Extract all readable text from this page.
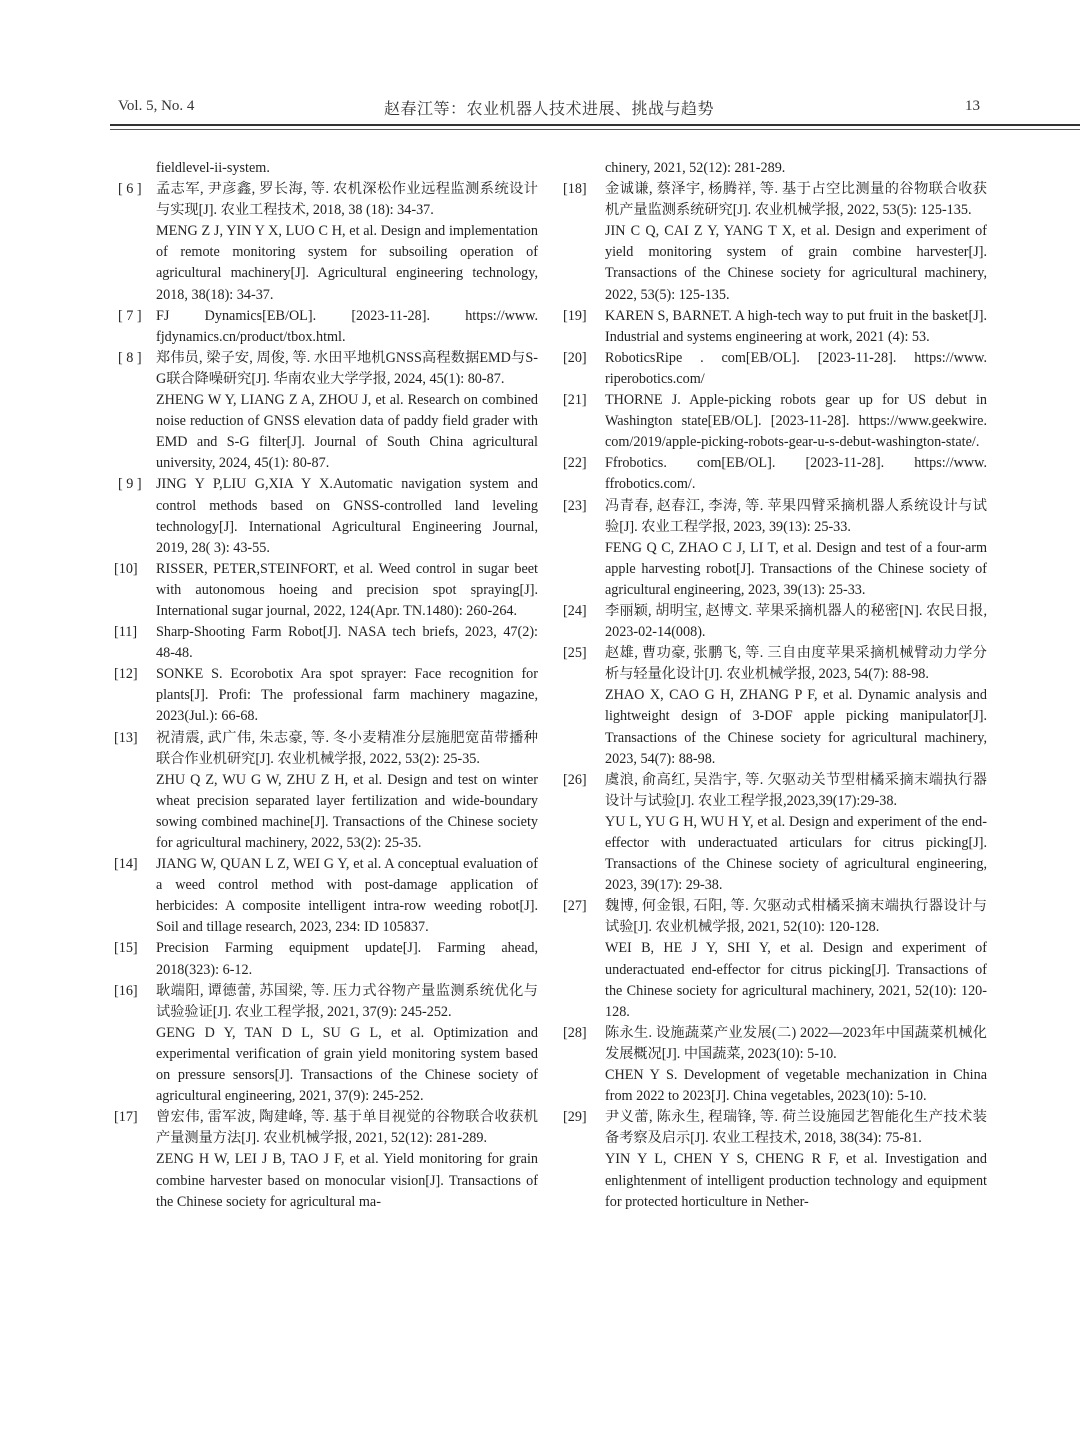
Vol. 5, No. 4	赵春江等：农业机器人技术进展、挑战与趋势	13
fieldlevel-ii-system.
[ 6 ] 孟志军, 尹彦鑫, 罗长海, 等. 农机深松作业远程监测系统设计与实现[J]. 农业工程技术, 2018, 38 (18): 34-37.
MENG Z J, YIN Y X, LUO C H, et al. Design and implementation of remote monitoring system for subsoiling operation of agricultural machinery[J]. Agricultural engineering technology, 2018, 38(18): 34-37.
[ 7 ] FJ Dynamics[EB/OL]. [2023-11-28]. https://www. fjdynamics.cn/product/tbox.html.
[ 8 ] 郑伟员, 梁子安, 周俊, 等. 水田平地机GNSS高程数据EMD与S-G联合降噪研究[J]. 华南农业大学学报, 2024, 45(1): 80-87.
ZHENG W Y, LIANG Z A, ZHOU J, et al. Research on combined noise reduction of GNSS elevation data of paddy field grader with EMD and S-G filter[J]. Journal of South China agricultural university, 2024, 45(1): 80-87.
[ 9 ] JING Y P,LIU G,XIA Y X.Automatic navigation system and control methods based on GNSS-controlled land leveling technology[J]. International Agricultural Engineering Journal, 2019, 28( 3): 43-55.
[10] RISSER, PETER,STEINFORT, et al. Weed control in sugar beet with autonomous hoeing and precision spot spraying[J]. International sugar journal, 2022, 124(Apr. TN.1480): 260-264.
[11] Sharp-Shooting Farm Robot[J]. NASA tech briefs, 2023, 47(2): 48-48.
[12] SONKE S. Ecorobotix Ara spot sprayer: Face recognition for plants[J]. Profi: The professional farm machinery magazine, 2023(Jul.): 66-68.
[13] 祝清震, 武广伟, 朱志豪, 等. 冬小麦精准分层施肥宽苗带播种联合作业机研究[J]. 农业机械学报, 2022, 53(2): 25-35.
ZHU Q Z, WU G W, ZHU Z H, et al. Design and test on winter wheat precision separated layer fertilization and wide-boundary sowing combined machine[J]. Transactions of the Chinese society for agricultural machinery, 2022, 53(2): 25-35.
[14] JIANG W, QUAN L Z, WEI G Y, et al. A conceptual evaluation of a weed control method with post-damage application of herbicides: A composite intelligent intra-row weeding robot[J]. Soil and tillage research, 2023, 234: ID 105837.
[15] Precision Farming equipment update[J]. Farming ahead, 2018(323): 6-12.
[16] 耿端阳, 谭德蕾, 苏国梁, 等. 压力式谷物产量监测系统优化与试验验证[J]. 农业工程学报, 2021, 37(9): 245-252.
GENG D Y, TAN D L, SU G L, et al. Optimization and experimental verification of grain yield monitoring system based on pressure sensors[J]. Transactions of the Chinese society of agricultural engineering, 2021, 37(9): 245-252.
[17] 曾宏伟, 雷军波, 陶建峰, 等. 基于单目视觉的谷物联合收获机产量测量方法[J]. 农业机械学报, 2021, 52(12): 281-289.
ZENG H W, LEI J B, TAO J F, et al. Yield monitoring for grain combine harvester based on monocular vision[J]. Transactions of the Chinese society for agricultural ma-
chinery, 2021, 52(12): 281-289.
[18] 金诚谦, 蔡泽宇, 杨腾祥, 等. 基于占空比测量的谷物联合收获机产量监测系统研究[J]. 农业机械学报, 2022, 53(5): 125-135.
JIN C Q, CAI Z Y, YANG T X, et al. Design and experiment of yield monitoring system of grain combine harvester[J]. Transactions of the Chinese society for agricultural machinery, 2022, 53(5): 125-135.
[19] KAREN S, BARNET. A high-tech way to put fruit in the basket[J]. Industrial and systems engineering at work, 2021 (4): 53.
[20] RoboticsRipe . com[EB/OL]. [2023-11-28]. https://www. riperobotics.com/
[21] THORNE J. Apple-picking robots gear up for US debut in Washington state[EB/OL]. [2023-11-28]. https://www.geekwire. com/2019/apple-picking-robots-gear-u-s-debut-washington-state/.
[22] Ffrobotics. com[EB/OL]. [2023-11-28]. https://www. ffrobotics.com/.
[23] 冯青春, 赵春江, 李涛, 等. 苹果四臂采摘机器人系统设计与试验[J]. 农业工程学报, 2023, 39(13): 25-33.
FENG Q C, ZHAO C J, LI T, et al. Design and test of a four-arm apple harvesting robot[J]. Transactions of the Chinese society of agricultural engineering, 2023, 39(13): 25-33.
[24] 李丽颖, 胡明宝, 赵博文. 苹果采摘机器人的秘密[N]. 农民日报, 2023-02-14(008).
[25] 赵雄, 曹功豪, 张鹏飞, 等. 三自由度苹果采摘机械臂动力学分析与轻量化设计[J]. 农业机械学报, 2023, 54(7): 88-98.
ZHAO X, CAO G H, ZHANG P F, et al. Dynamic analysis and lightweight design of 3-DOF apple picking manipulator[J]. Transactions of the Chinese society for agricultural machinery, 2023, 54(7): 88-98.
[26] 虞浪, 俞高红, 吴浩宇, 等. 欠驱动关节型柑橘采摘末端执行器设计与试验[J]. 农业工程学报,2023,39(17):29-38.
YU L, YU G H, WU H Y, et al. Design and experiment of the end-effector with underactuated articulars for citrus picking[J]. Transactions of the Chinese society of agricultural engineering, 2023, 39(17): 29-38.
[27] 魏博, 何金银, 石阳, 等. 欠驱动式柑橘采摘末端执行器设计与试验[J]. 农业机械学报, 2021, 52(10): 120-128.
WEI B, HE J Y, SHI Y, et al. Design and experiment of underactuated end-effector for citrus picking[J]. Transactions of the Chinese society for agricultural machinery, 2021, 52(10): 120-128.
[28] 陈永生. 设施蔬菜产业发展(二) 2022—2023年中国蔬菜机械化发展概况[J]. 中国蔬菜, 2023(10): 5-10.
CHEN Y S. Development of vegetable mechanization in China from 2022 to 2023[J]. China vegetables, 2023(10): 5-10.
[29] 尹义蕾, 陈永生, 程瑞锋, 等. 荷兰设施园艺智能化生产技术装备考察及启示[J]. 农业工程技术, 2018, 38(34): 75-81.
YIN Y L, CHEN Y S, CHENG R F, et al. Investigation and enlightenment of intelligent production technology and equipment for protected horticulture in Nether-
